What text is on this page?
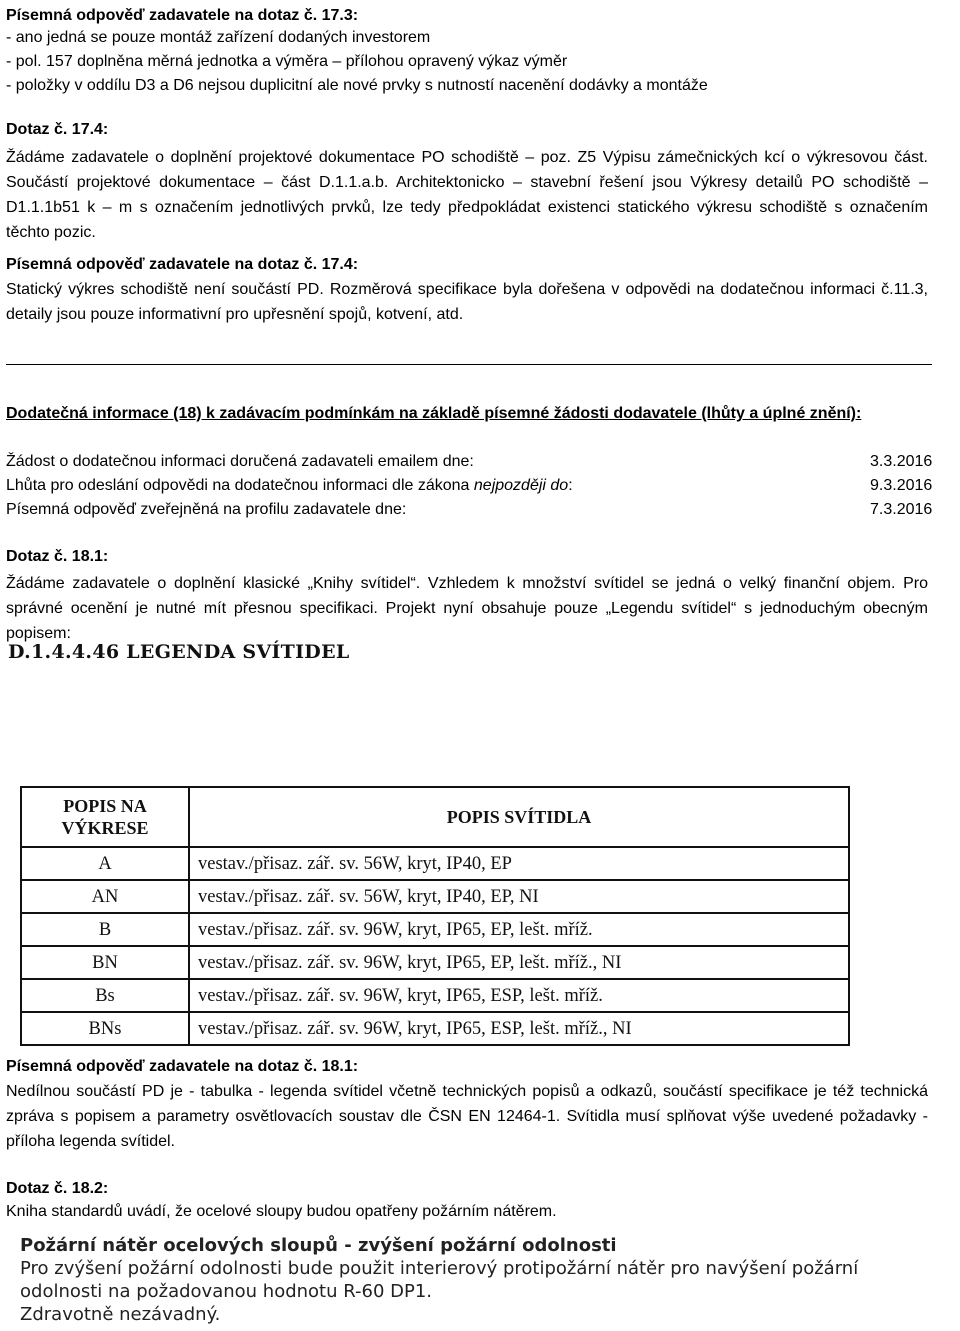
Písemná odpověď zadavatele na dotaz č. 17.3:
- ano jedná se pouze montáž zařízení dodaných investorem
- pol. 157 doplněna měrná jednotka a výměra – přílohou opravený výkaz výměr
- položky v oddílu D3 a D6 nejsou duplicitní ale nové prvky s nutností nacenění dodávky a montáže
Dotaz č. 17.4:
Žádáme zadavatele o doplnění projektové dokumentace PO schodiště – poz. Z5 Výpisu zámečnických kcí o výkresovou část. Součástí projektové dokumentace – část D.1.1.a.b. Architektonicko – stavební řešení jsou Výkresy detailů PO schodiště – D1.1.1b51 k – m s označením jednotlivých prvků, lze tedy předpokládat existenci statického výkresu schodiště s označením těchto pozic.
Písemná odpověď zadavatele na dotaz č. 17.4:
Statický výkres schodiště není součástí PD. Rozměrová specifikace byla dořešena v odpovědi na dodatečnou informaci č.11.3, detaily jsou pouze informativní pro upřesnění spojů, kotvení, atd.
Dodatečná informace (18) k zadávacím podmínkám na základě písemné žádosti dodavatele (lhůty a úplné znění):
Žádost o dodatečnou informaci doručená zadavateli emailem dne:	3.3.2016
Lhůta pro odeslání odpovědi na dodatečnou informaci dle zákona nejpozději do:	9.3.2016
Písemná odpověď zveřejněná na profilu zadavatele dne:	7.3.2016
Dotaz č. 18.1:
Žádáme zadavatele o doplnění klasické „Knihy svítidel“. Vzhledem k množství svítidel se jedná o velký finanční objem. Pro správné ocenění je nutné mít přesnou specifikaci. Projekt nyní obsahuje pouze „Legendu svítidel“ s jednoduchým obecným popisem:
D.1.4.4.46 LEGENDA SVÍTIDEL
POPIS NA VÝKRESE	POPIS SVÍTIDLA
A	vestav./přisaz. zář. sv. 56W, kryt, IP40, EP
AN	vestav./přisaz. zář. sv. 56W, kryt, IP40, EP, NI
B	vestav./přisaz. zář. sv. 96W, kryt, IP65, EP, lešt. mříž.
BN	vestav./přisaz. zář. sv. 96W, kryt, IP65, EP, lešt. mříž., NI
Bs	vestav./přisaz. zář. sv. 96W, kryt, IP65, ESP, lešt. mříž.
BNs	vestav./přisaz. zář. sv. 96W, kryt, IP65, ESP, lešt. mříž., NI
Písemná odpověď zadavatele na dotaz č. 18.1:
Nedílnou součástí PD je - tabulka - legenda svítidel včetně technických popisů a odkazů, součástí specifikace je též technická zpráva s popisem a parametry osvětlovacích soustav dle ČSN EN 12464-1. Svítidla musí splňovat výše uvedené požadavky - příloha legenda svítidel.
Dotaz č. 18.2:
Kniha standardů uvádí, že ocelové sloupy budou opatřeny požárním nátěrem.
Požární nátěr ocelových sloupů - zvýšení požární odolnosti
Pro zvýšení požární odolnosti bude použit interierový protipožární nátěr pro navýšení požární
odolnosti na požadovanou hodnotu R-60 DP1.
Zdravotně nezávadný.
